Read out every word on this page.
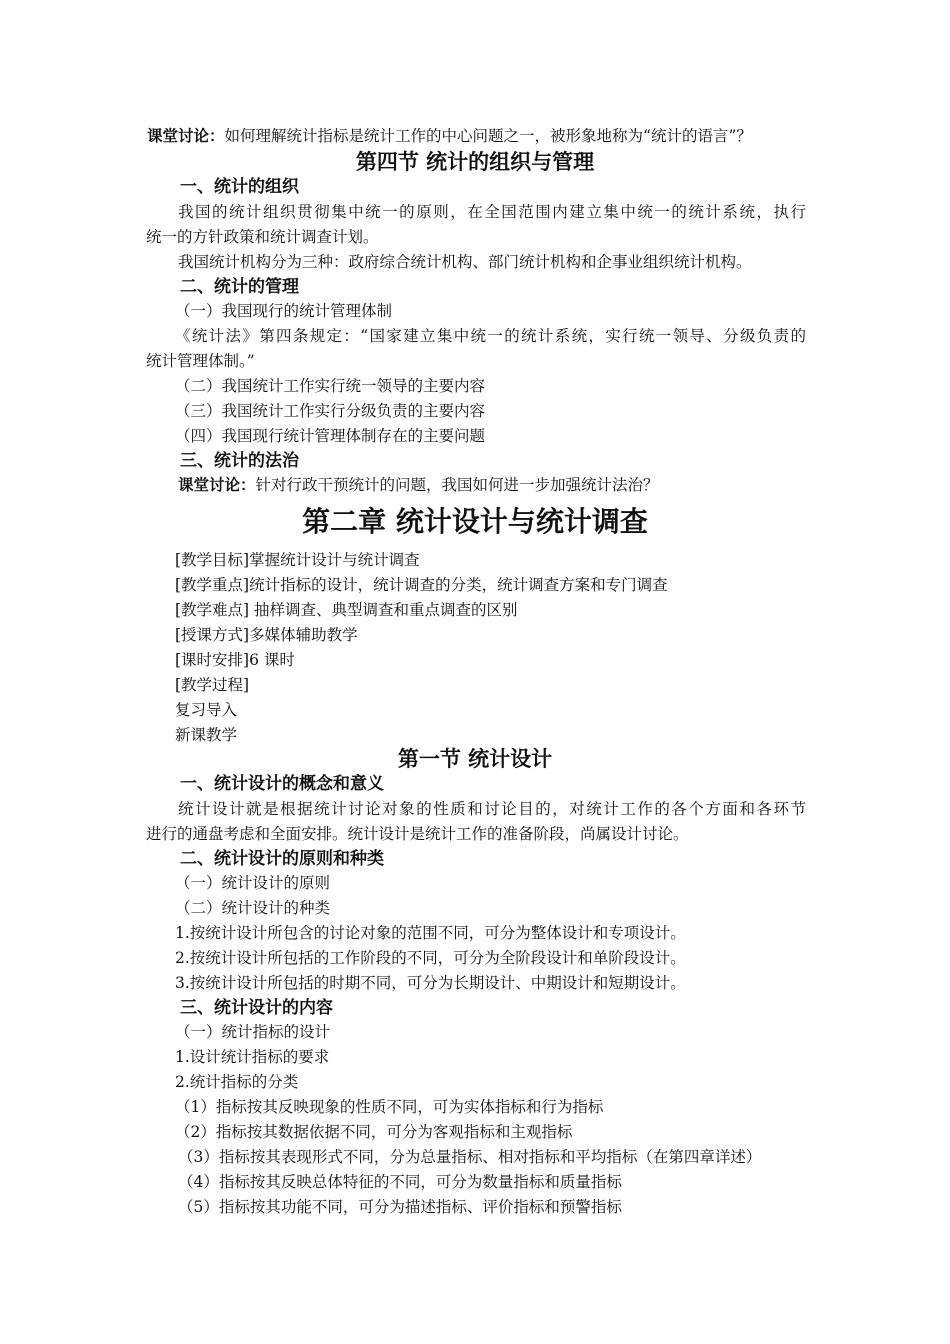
课堂讨论：如何理解统计指标是统计工作的中心问题之一，被形象地称为“统计的语言”？
第四节 统计的组织与管理
一、统计的组织
我国的统计组织贯彻集中统一的原则，在全国范围内建立集中统一的统计系统，执行
统一的方针政策和统计调查计划。
我国统计机构分为三种：政府综合统计机构、部门统计机构和企事业组织统计机构。
二、统计的管理
（一）我国现行的统计管理体制
《统计法》第四条规定：“国家建立集中统一的统计系统，实行统一领导、分级负责的
统计管理体制。”
（二）我国统计工作实行统一领导的主要内容
（三）我国统计工作实行分级负责的主要内容
（四）我国现行统计管理体制存在的主要问题
三、统计的法治
课堂讨论：针对行政干预统计的问题，我国如何进一步加强统计法治？
第二章 统计设计与统计调查
[教学目标]掌握统计设计与统计调查
[教学重点]统计指标的设计，统计调查的分类，统计调查方案和专门调查
[教学难点] 抽样调查、典型调查和重点调查的区别
[授课方式]多媒体辅助教学
[课时安排]6 课时
[教学过程]
复习导入
新课教学
第一节 统计设计
一、统计设计的概念和意义
统计设计就是根据统计讨论对象的性质和讨论目的，对统计工作的各个方面和各环节
进行的通盘考虑和全面安排。统计设计是统计工作的准备阶段，尚属设计讨论。
二、统计设计的原则和种类
（一）统计设计的原则
（二）统计设计的种类
1.按统计设计所包含的讨论对象的范围不同，可分为整体设计和专项设计。
2.按统计设计所包括的工作阶段的不同，可分为全阶段设计和单阶段设计。
3.按统计设计所包括的时期不同，可分为长期设计、中期设计和短期设计。
三、统计设计的内容
（一）统计指标的设计
1.设计统计指标的要求
2.统计指标的分类
（1）指标按其反映现象的性质不同，可为实体指标和行为指标
（2）指标按其数据依据不同，可分为客观指标和主观指标
（3）指标按其表现形式不同，分为总量指标、相对指标和平均指标（在第四章详述）
（4）指标按其反映总体特征的不同，可分为数量指标和质量指标
（5）指标按其功能不同，可分为描述指标、评价指标和预警指标
